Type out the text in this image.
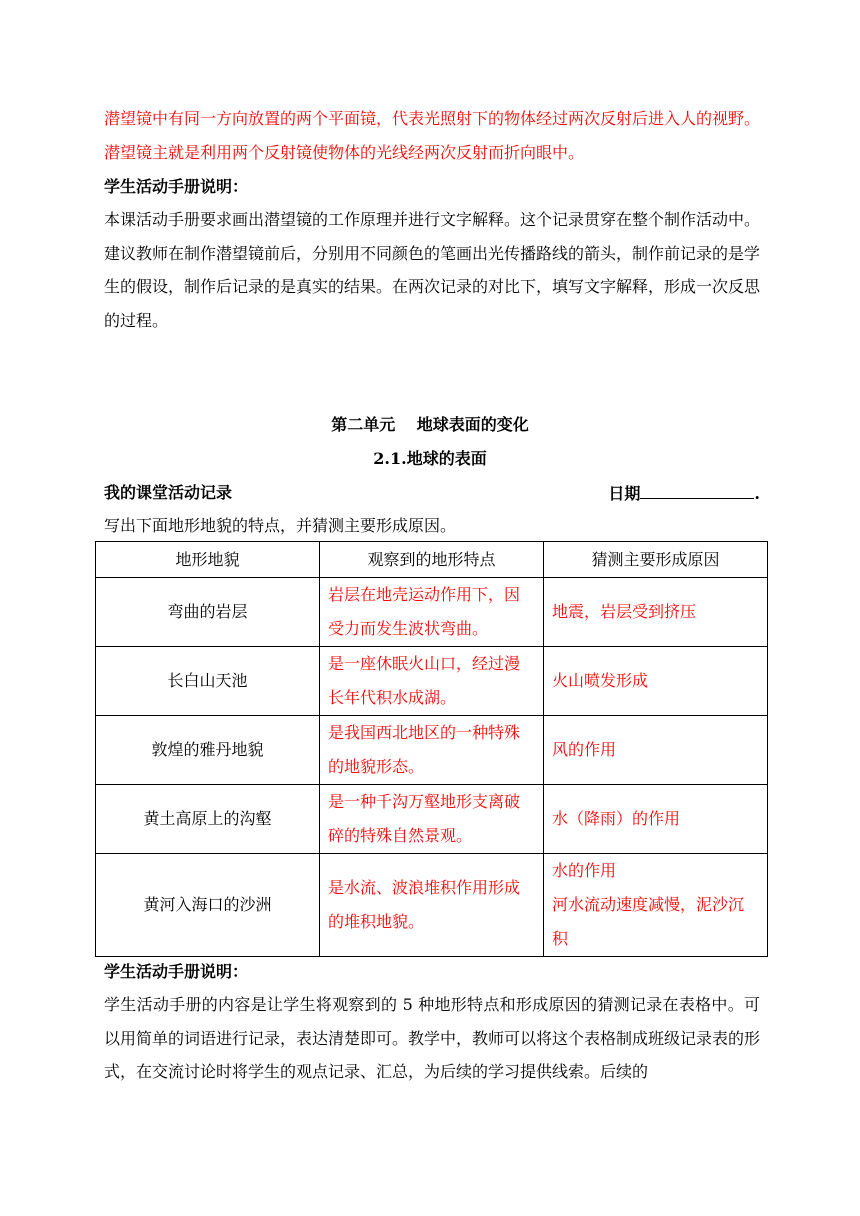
潜望镜中有同一方向放置的两个平面镜，代表光照射下的物体经过两次反射后进入人的视野。潜望镜主就是利用两个反射镜使物体的光线经两次反射而折向眼中。

学生活动手册说明：

本课活动手册要求画出潜望镜的工作原理并进行文字解释。这个记录贯穿在整个制作活动中。建议教师在制作潜望镜前后，分别用不同颜色的笔画出光传播路线的箭头，制作前记录的是学生的假设，制作后记录的是真实的结果。在两次记录的对比下，填写文字解释，形成一次反思的过程。

第二单元　 地球表面的变化
2.1.地球的表面
我的课堂活动记录	日期	.

写出下面地形地貌的特点，并猜测主要形成原因。

地形地貌	观察到的地形特点	猜测主要形成原因
弯曲的岩层	岩层在地壳运动作用下，因受力而发生波状弯曲。	地震，岩层受到挤压
长白山天池	是一座休眠火山口，经过漫长年代积水成湖。	火山喷发形成
敦煌的雅丹地貌	是我国西北地区的一种特殊的地貌形态。	风的作用
黄土高原上的沟壑	是一种千沟万壑地形支离破碎的特殊自然景观。	水（降雨）的作用
黄河入海口的沙洲	是水流、波浪堆积作用形成的堆积地貌。	水的作用
河水流动速度减慢，泥沙沉积

学生活动手册说明：

学生活动手册的内容是让学生将观察到的 5 种地形特点和形成原因的猜测记录在表格中。可以用简单的词语进行记录，表达清楚即可。教学中，教师可以将这个表格制成班级记录表的形式，在交流讨论时将学生的观点记录、汇总，为后续的学习提供线索。后续的
